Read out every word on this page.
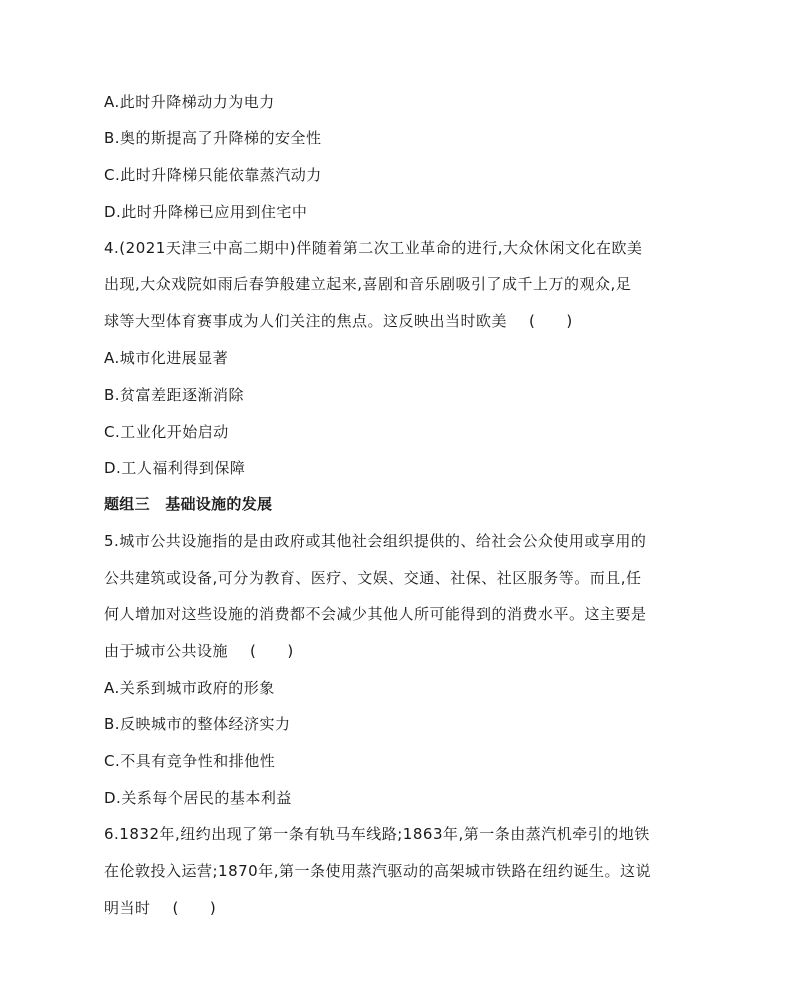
A.此时升降梯动力为电力
B.奥的斯提高了升降梯的安全性
C.此时升降梯只能依靠蒸汽动力
D.此时升降梯已应用到住宅中
4.(2021天津三中高二期中)伴随着第二次工业革命的进行,大众休闲文化在欧美
出现,大众戏院如雨后春笋般建立起来,喜剧和音乐剧吸引了成千上万的观众,足
球等大型体育赛事成为人们关注的焦点。这反映出当时欧美 (　　)
A.城市化进展显著
B.贫富差距逐渐消除
C.工业化开始启动
D.工人福利得到保障
题组三　基础设施的发展
5.城市公共设施指的是由政府或其他社会组织提供的、给社会公众使用或享用的
公共建筑或设备,可分为教育、医疗、文娱、交通、社保、社区服务等。而且,任
何人增加对这些设施的消费都不会减少其他人所可能得到的消费水平。这主要是
由于城市公共设施 (　　)
A.关系到城市政府的形象
B.反映城市的整体经济实力
C.不具有竞争性和排他性
D.关系每个居民的基本利益
6.1832年,纽约出现了第一条有轨马车线路;1863年,第一条由蒸汽机牵引的地铁
在伦敦投入运营;1870年,第一条使用蒸汽驱动的高架城市铁路在纽约诞生。这说
明当时 (　　)
